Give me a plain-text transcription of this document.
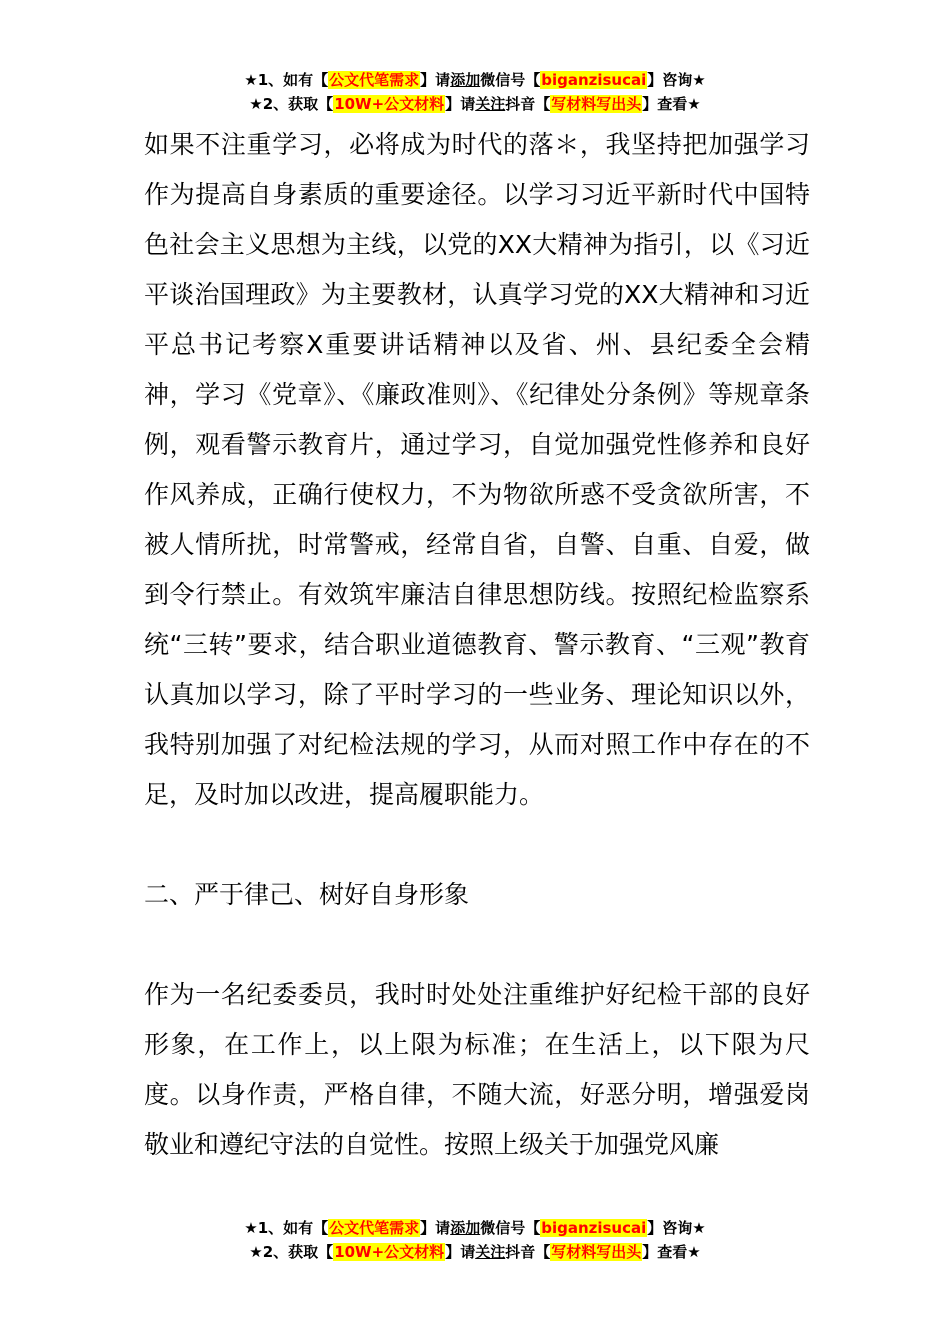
★1、如有【公文代笔需求】请添加微信号【biganzisucai】咨询★
★2、获取【10W+公文材料】请关注抖音【写材料写出头】查看★

如果不注重学习，必将成为时代的落＊，我坚持把加强学习作为提高自身素质的重要途径。以学习习近平新时代中国特色社会主义思想为主线，以党的XX大精神为指引，以《习近平谈治国理政》为主要教材，认真学习党的XX大精神和习近平总书记考察X重要讲话精神以及省、州、县纪委全会精神，学习《党章》、《廉政准则》、《纪律处分条例》等规章条例，观看警示教育片，通过学习，自觉加强党性修养和良好作风养成，正确行使权力，不为物欲所惑不受贪欲所害，不被人情所扰，时常警戒，经常自省，自警、自重、自爱，做到令行禁止。有效筑牢廉洁自律思想防线。按照纪检监察系统“三转”要求，结合职业道德教育、警示教育、“三观”教育认真加以学习，除了平时学习的一些业务、理论知识以外，我特别加强了对纪检法规的学习，从而对照工作中存在的不足，及时加以改进，提高履职能力。

二、严于律己、树好自身形象

作为一名纪委委员，我时时处处注重维护好纪检干部的良好形象，在工作上，以上限为标准；在生活上，以下限为尺度。以身作责，严格自律，不随大流，好恶分明，增强爱岗敬业和遵纪守法的自觉性。按照上级关于加强党风廉

★1、如有【公文代笔需求】请添加微信号【biganzisucai】咨询★
★2、获取【10W+公文材料】请关注抖音【写材料写出头】查看★
